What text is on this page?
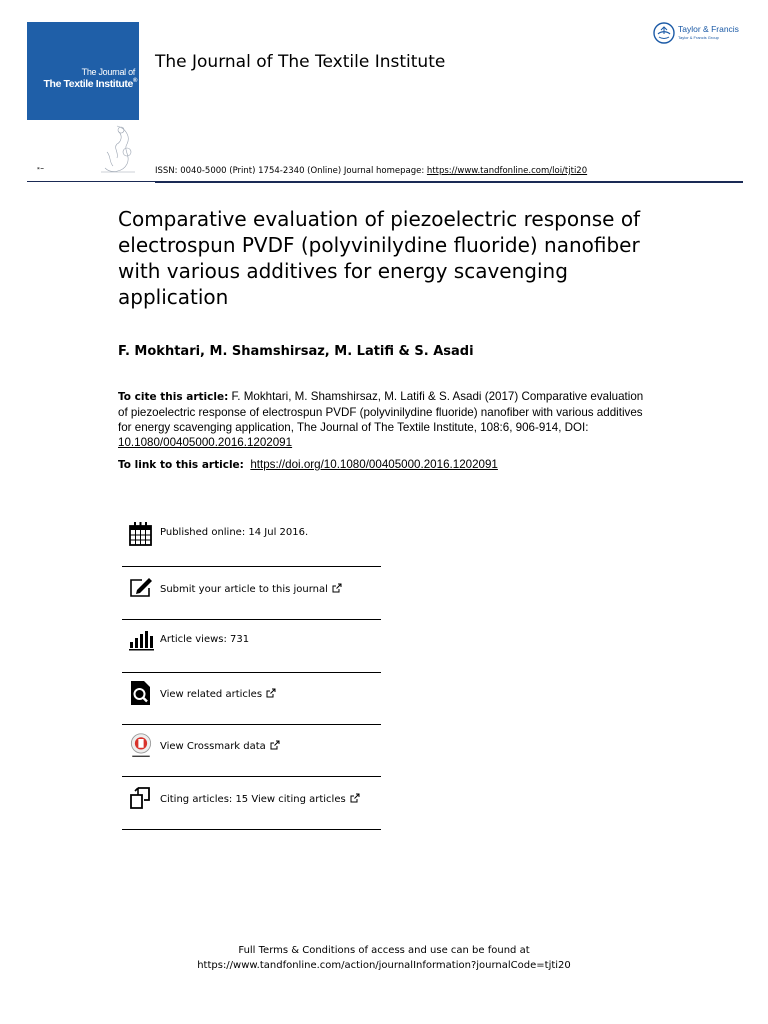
The Journal of
The Textile Institute®
▣ ▬
The Journal of The Textile Institute
Taylor & Francis
Taylor & Francis Group
ISSN: 0040-5000 (Print) 1754-2340 (Online) Journal homepage: https://www.tandfonline.com/loi/tjti20
Comparative evaluation of piezoelectric response of electrospun PVDF (polyvinilydine fluoride) nanofiber with various additives for energy scavenging application
F. Mokhtari, M. Shamshirsaz, M. Latifi & S. Asadi
To cite this article: F. Mokhtari, M. Shamshirsaz, M. Latifi & S. Asadi (2017) Comparative evaluation of piezoelectric response of electrospun PVDF (polyvinilydine fluoride) nanofiber with various additives for energy scavenging application, The Journal of The Textile Institute, 108:6, 906-914, DOI: 10.1080/00405000.2016.1202091
To link to this article: https://doi.org/10.1080/00405000.2016.1202091
Published online: 14 Jul 2016.
Submit your article to this journal
Article views: 731
View related articles
View Crossmark data
Citing articles: 15 View citing articles
Full Terms & Conditions of access and use can be found at
https://www.tandfonline.com/action/journalInformation?journalCode=tjti20
